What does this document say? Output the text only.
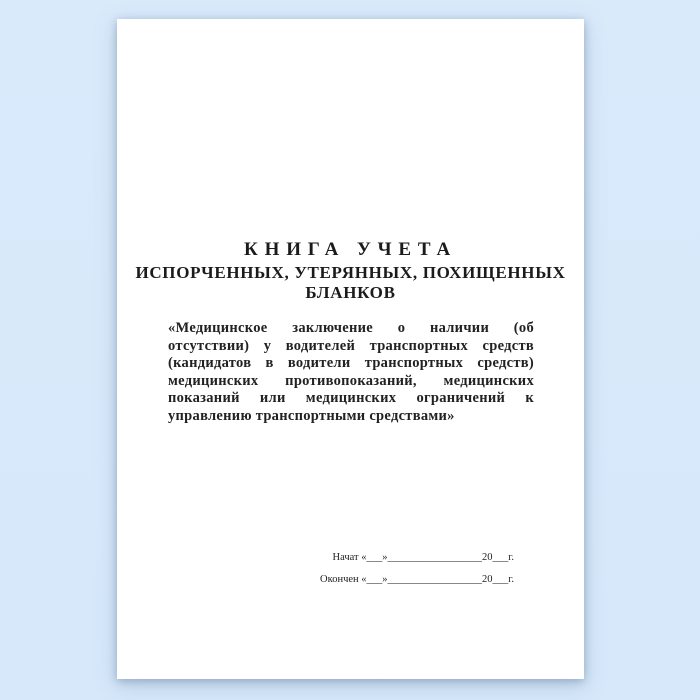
КНИГА УЧЕТА
ИСПОРЧЕННЫХ, УТЕРЯННЫХ, ПОХИЩЕННЫХ
БЛАНКОВ
«Медицинское заключение о наличии (об отсутствии) у водителей транспортных средств (кандидатов в водители транспортных средств) медицинских противопоказаний, медицинских показаний или медицинских ограничений к управлению транспортными средствами»
Начат «___»__________________20___г.
Окончен «___»__________________20___г.
